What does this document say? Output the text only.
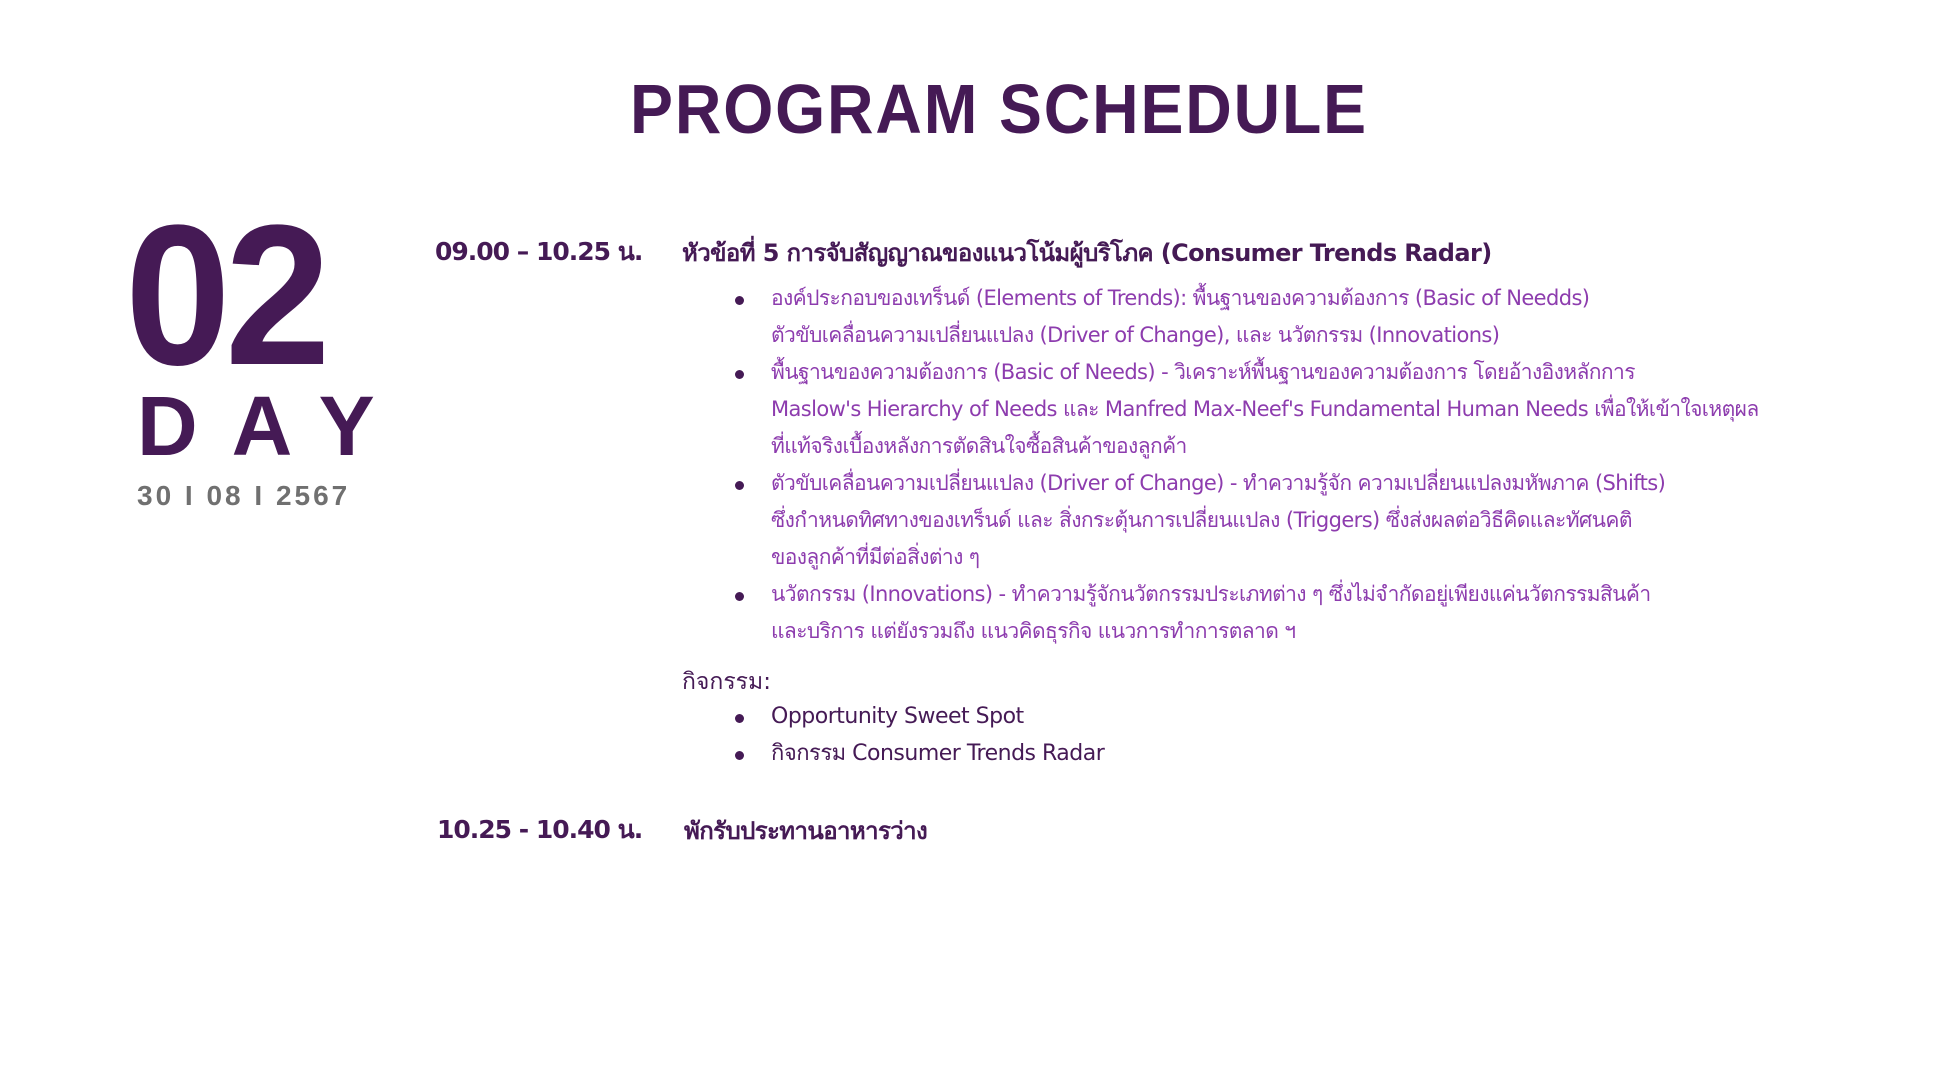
PROGRAM SCHEDULE
02
DAY
30 I 08 I 2567
09.00 – 10.25 น. หัวข้อที่ 5 การจับสัญญาณของแนวโน้มผู้บริโภค (Consumer Trends Radar)
องค์ประกอบของเทร็นด์ (Elements of Trends): พื้นฐานของความต้องการ (Basic of Needds)
ตัวขับเคลื่อนความเปลี่ยนแปลง (Driver of Change), และ นวัตกรรม (Innovations)
พื้นฐานของความต้องการ (Basic of Needs) - วิเคราะห์พื้นฐานของความต้องการ โดยอ้างอิงหลักการ
Maslow's Hierarchy of Needs และ Manfred Max-Neef's Fundamental Human Needs เพื่อให้เข้าใจเหตุผล
ที่แท้จริงเบื้องหลังการตัดสินใจซื้อสินค้าของลูกค้า
ตัวขับเคลื่อนความเปลี่ยนแปลง (Driver of Change) - ทำความรู้จัก ความเปลี่ยนแปลงมหัพภาค (Shifts)
ซึ่งกำหนดทิศทางของเทร็นด์ และ สิ่งกระตุ้นการเปลี่ยนแปลง (Triggers) ซึ่งส่งผลต่อวิธีคิดและทัศนคติ
ของลูกค้าที่มีต่อสิ่งต่าง ๆ
นวัตกรรม (Innovations) - ทำความรู้จักนวัตกรรมประเภทต่าง ๆ ซึ่งไม่จำกัดอยู่เพียงแค่นวัตกรรมสินค้า
และบริการ แต่ยังรวมถึง แนวคิดธุรกิจ แนวการทำการตลาด ฯ
กิจกรรม:
Opportunity Sweet Spot
กิจกรรม Consumer Trends Radar
10.25 - 10.40 น. พักรับประทานอาหารว่าง
